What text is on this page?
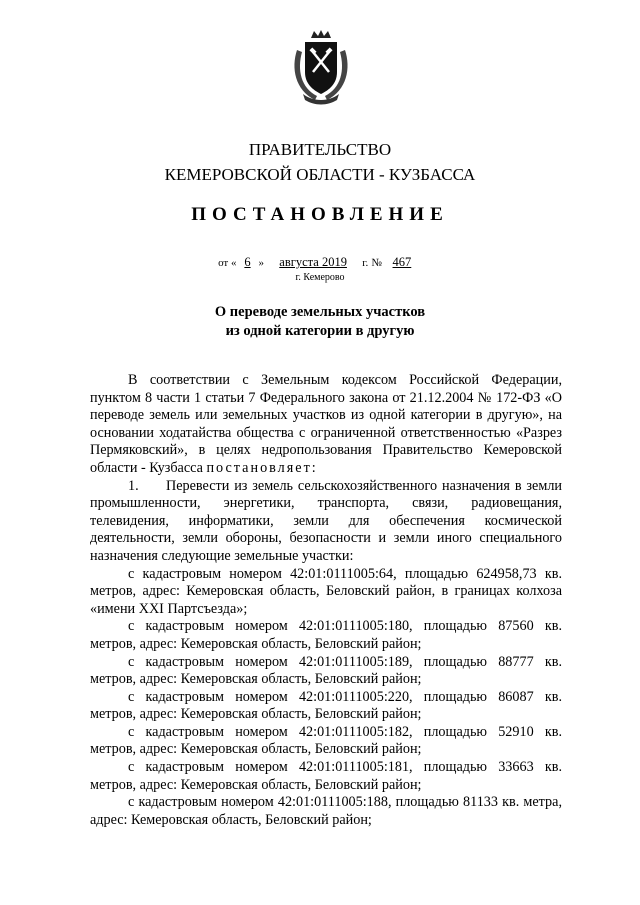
ПРАВИТЕЛЬСТВО
КЕМЕРОВСКОЙ ОБЛАСТИ - КУЗБАССА
ПОСТАНОВЛЕНИЕ
от « 6 » августа 2019 г. № 467
г. Кемерово
О переводе земельных участков
из одной категории в другую

В соответствии с Земельным кодексом Российской Федерации, пунктом 8 части 1 статьи 7 Федерального закона от 21.12.2004 № 172-ФЗ «О переводе земель или земельных участков из одной категории в другую», на основании ходатайства общества с ограниченной ответственностью «Разрез Пермяковский», в целях недропользования Правительство Кемеровской области - Кузбасса постановляет:

1. Перевести из земель сельскохозяйственного назначения в земли промышленности, энергетики, транспорта, связи, радиовещания, телевидения, информатики, земли для обеспечения космической деятельности, земли обороны, безопасности и земли иного специального назначения следующие земельные участки:

с кадастровым номером 42:01:0111005:64, площадью 624958,73 кв. метров, адрес: Кемеровская область, Беловский район, в границах колхоза «имени XXI Партсъезда»;

с кадастровым номером 42:01:0111005:180, площадью 87560 кв. метров, адрес: Кемеровская область, Беловский район;

с кадастровым номером 42:01:0111005:189, площадью 88777 кв. метров, адрес: Кемеровская область, Беловский район;

с кадастровым номером 42:01:0111005:220, площадью 86087 кв. метров, адрес: Кемеровская область, Беловский район;

с кадастровым номером 42:01:0111005:182, площадью 52910 кв. метров, адрес: Кемеровская область, Беловский район;

с кадастровым номером 42:01:0111005:181, площадью 33663 кв. метров, адрес: Кемеровская область, Беловский район;

с кадастровым номером 42:01:0111005:188, площадью 81133 кв. метра, адрес: Кемеровская область, Беловский район;
